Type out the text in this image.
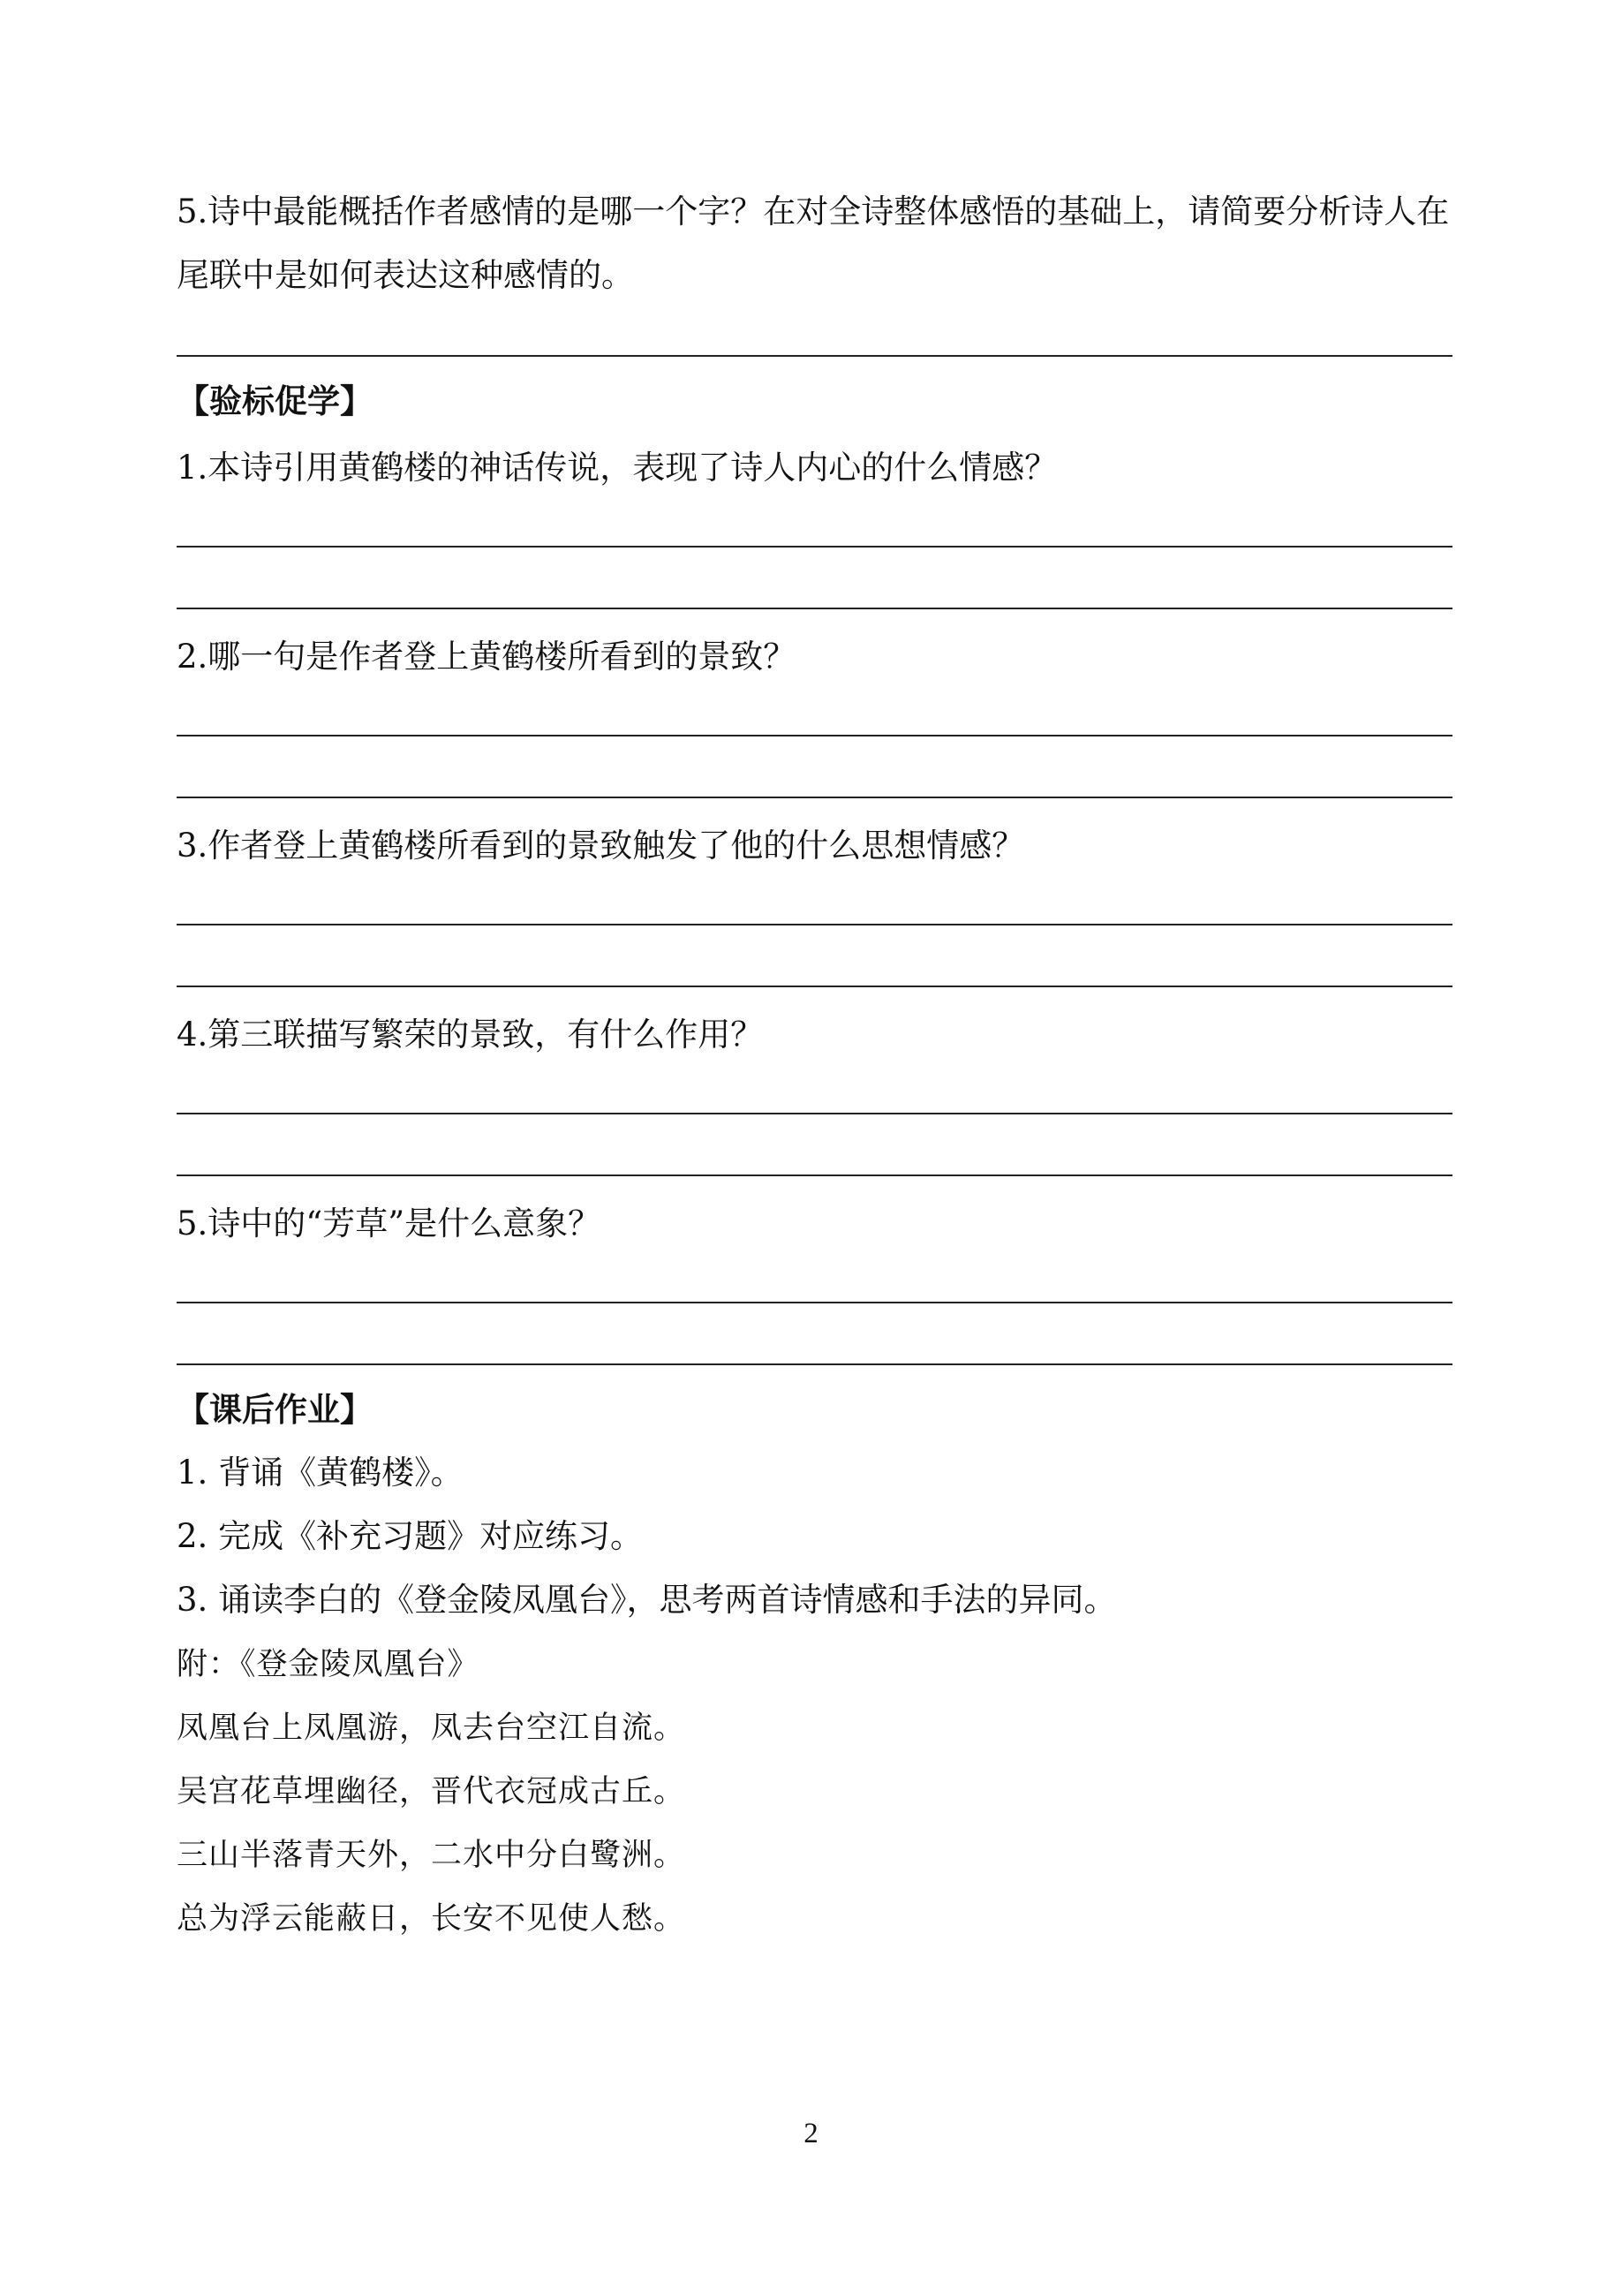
5.诗中最能概括作者感情的是哪一个字？在对全诗整体感悟的基础上，请简要分析诗人在
尾联中是如何表达这种感情的。
【验标促学】
1.本诗引用黄鹤楼的神话传说，表现了诗人内心的什么情感？
2.哪一句是作者登上黄鹤楼所看到的景致？
3.作者登上黄鹤楼所看到的景致触发了他的什么思想情感？
4.第三联描写繁荣的景致，有什么作用？
5.诗中的“芳草”是什么意象？
【课后作业】
1. 背诵《黄鹤楼》。
2. 完成《补充习题》对应练习。
3. 诵读李白的《登金陵凤凰台》，思考两首诗情感和手法的异同。
附：《登金陵凤凰台》
凤凰台上凤凰游，凤去台空江自流。
吴宫花草埋幽径，晋代衣冠成古丘。
三山半落青天外，二水中分白鹭洲。
总为浮云能蔽日，长安不见使人愁。
2
